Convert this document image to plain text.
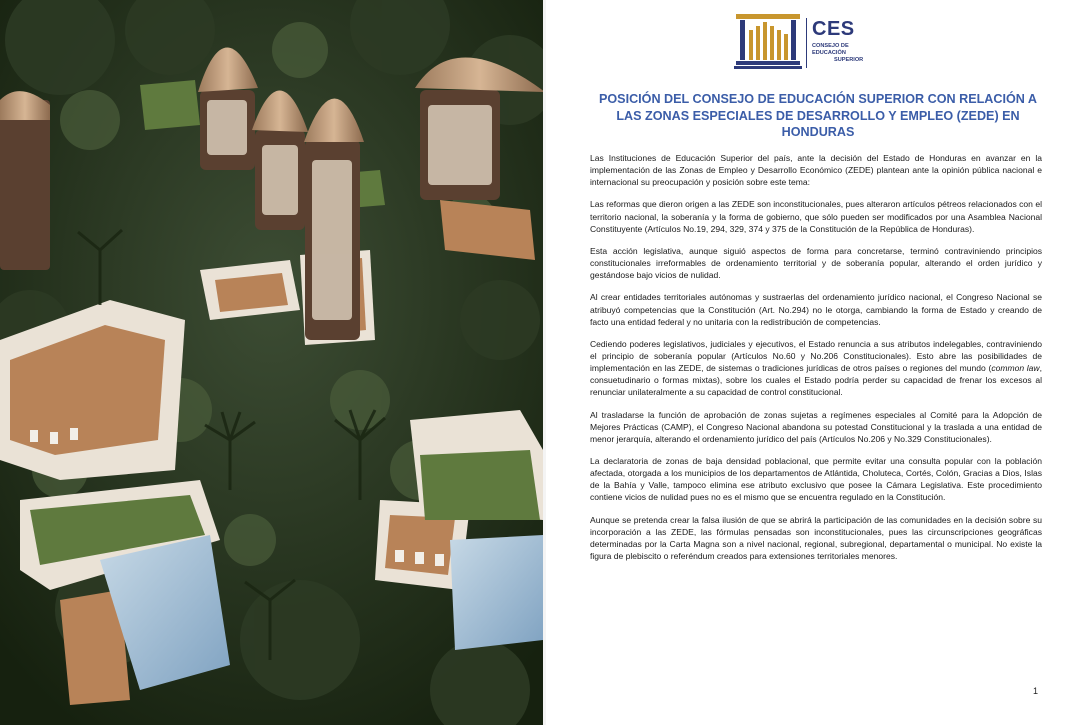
CES
CONSEJO DE EDUCACIÓN
SUPERIOR
POSICIÓN DEL CONSEJO DE EDUCACIÓN SUPERIOR CON RELACIÓN A LAS ZONAS ESPECIALES DE DESARROLLO Y EMPLEO (ZEDE) EN HONDURAS

Las Instituciones de Educación Superior del país, ante la decisión del Estado de Honduras en avanzar en la implementación de las Zonas de Empleo y Desarrollo Económico (ZEDE) plantean ante la opinión pública nacional e internacional su preocupación y posición sobre este tema:

Las reformas que dieron origen a las ZEDE son inconstitucionales, pues alteraron artículos pétreos relacionados con el territorio nacional, la soberanía y la forma de gobierno, que sólo pueden ser modificados por una Asamblea Nacional Constituyente (Artículos No.19, 294, 329, 374 y 375 de la Constitución de la República de Honduras).

Esta acción legislativa, aunque siguió aspectos de forma para concretarse, terminó contraviniendo principios constitucionales irreformables de ordenamiento territorial y de soberanía popular, alterando el orden jurídico y gestándose bajo vicios de nulidad.

Al crear entidades territoriales autónomas y sustraerlas del ordenamiento jurídico nacional, el Congreso Nacional se atribuyó competencias que la Constitución (Art. No.294) no le otorga, cambiando la forma de Estado y creando de facto una entidad federal y no unitaria con la redistribución de competencias.

Cediendo poderes legislativos, judiciales y ejecutivos, el Estado renuncia a sus atributos indelegables, contraviniendo el principio de soberanía popular (Artículos No.60 y No.206 Constitucionales). Esto abre las posibilidades de implementación en las ZEDE, de sistemas o tradiciones jurídicas de otros países o regiones del mundo (common law, consuetudinario o formas mixtas), sobre los cuales el Estado podría perder su capacidad de frenar los excesos al renunciar unilateralmente a su capacidad de control constitucional.

Al trasladarse la función de aprobación de zonas sujetas a regímenes especiales al Comité para la Adopción de Mejores Prácticas (CAMP), el Congreso Nacional abandona su potestad Constitucional y la traslada a una entidad de menor jerarquía, alterando el ordenamiento jurídico del país (Artículos No.206 y No.329 Constitucionales).

La declaratoria de zonas de baja densidad poblacional, que permite evitar una consulta popular con la población afectada, otorgada a los municipios de los departamentos de Atlántida, Choluteca, Cortés, Colón, Gracias a Dios, Islas de la Bahía y Valle, tampoco elimina ese atributo exclusivo que posee la Cámara Legislativa. Este procedimiento contiene vicios de nulidad pues no es el mismo que se encuentra regulado en la Constitución.

Aunque se pretenda crear la falsa ilusión de que se abrirá la participación de las comunidades en la decisión sobre su incorporación a las ZEDE, las fórmulas pensadas son inconstitucionales, pues las circunscripciones geográficas determinadas por la Carta Magna son a nivel nacional, regional, subregional, departamental o municipal. No existe la figura de plebiscito o referéndum creados para extensiones territoriales menores.

1
